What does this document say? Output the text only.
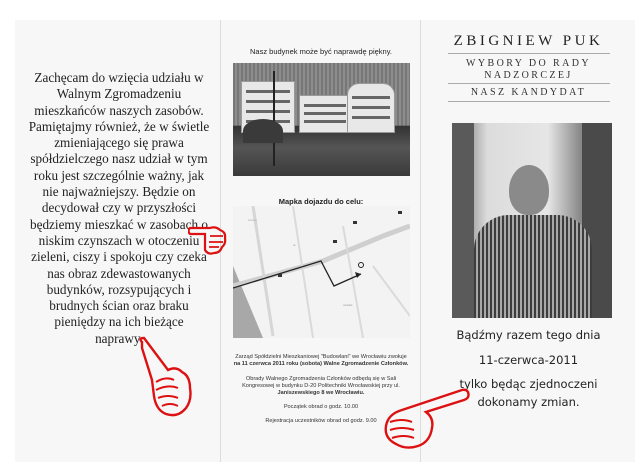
Zachęcam do wzięcia udziału w
Walnym Zgromadzeniu
mieszkańców naszych zasobów.
Pamiętajmy również, że w świetle
zmieniającego się prawa
spółdzielczego nasz udział w tym
roku jest szczególnie ważny, jak
nie najważniejszy. Będzie on
decydował czy w przyszłości
będziemy mieszkać w zasobach o
niskim czynszach w otoczeniu
zieleni, ciszy i spokoju czy czeka
nas obraz zdewastowanych
budynków, rozsypujących i
brudnych ścian oraz braku
pieniędzy na ich bieżące
naprawy.
Nasz budynek może być naprawdę piękny.
Mapka dojazdu do celu:
Lorem
ul.
osiedle
Zarząd Spółdzielni Mieszkaniowej "Budowlani" we Wrocławiu zwołuje
na 11 czerwca 2011 roku (sobota) Walne Zgromadzenie Członków.
Obrady Walnego Zgromadzenia Członków odbędą się w Sali
Kongresowej w budynku D-20 Politechniki Wrocławskiej przy ul.
Janiszewskiego 8 we Wrocławiu.
Początek obrad o godz. 10.00
Rejestracja uczestników obrad od godz. 9.00
ZBIGNIEW PUK
WYBORY DO RADY
NADZORCZEJ
NASZ KANDYDAT
Bądźmy razem tego dnia
11-czerwca-2011
tylko będąc zjednoczeni
dokonamy zmian.
